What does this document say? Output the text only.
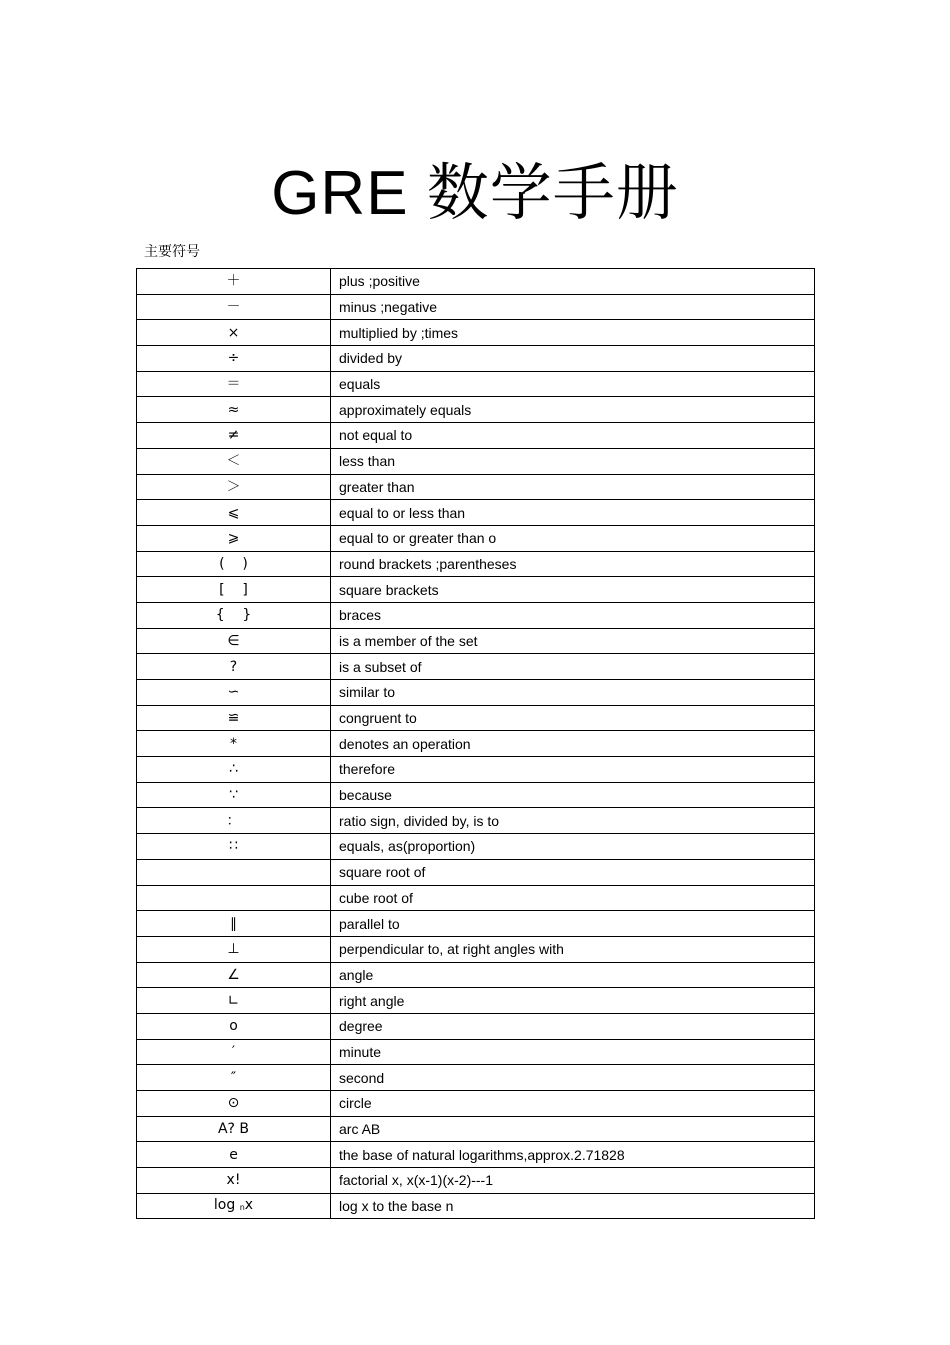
GRE 数学手册
主要符号
＋	plus ;positive
－	minus ;negative
×	multiplied by ;times
÷	divided by
＝	equals
≈	approximately equals
≠	not equal to
＜	less than
＞	greater than
⩽	equal to or less than
⩾	equal to or greater than o
(    )	round brackets ;parentheses
[    ]	square brackets
{    }	braces
∈	is a member of the set
?	is a subset of
∽	similar to
≌	congruent to
*	denotes an operation
∴	therefore
∵	because
：	ratio sign, divided by, is to
∷	equals, as(proportion)
	square root of
	cube root of
∥	parallel to
⊥	perpendicular to, at right angles with
∠	angle
∟	right angle
o	degree
′	minute
″	second
⊙	circle
A? B	arc AB
e	the base of natural logarithms,approx.2.71828
x!	factorial x, x(x-1)(x-2)---1
log $_n$x	log x to the base n
